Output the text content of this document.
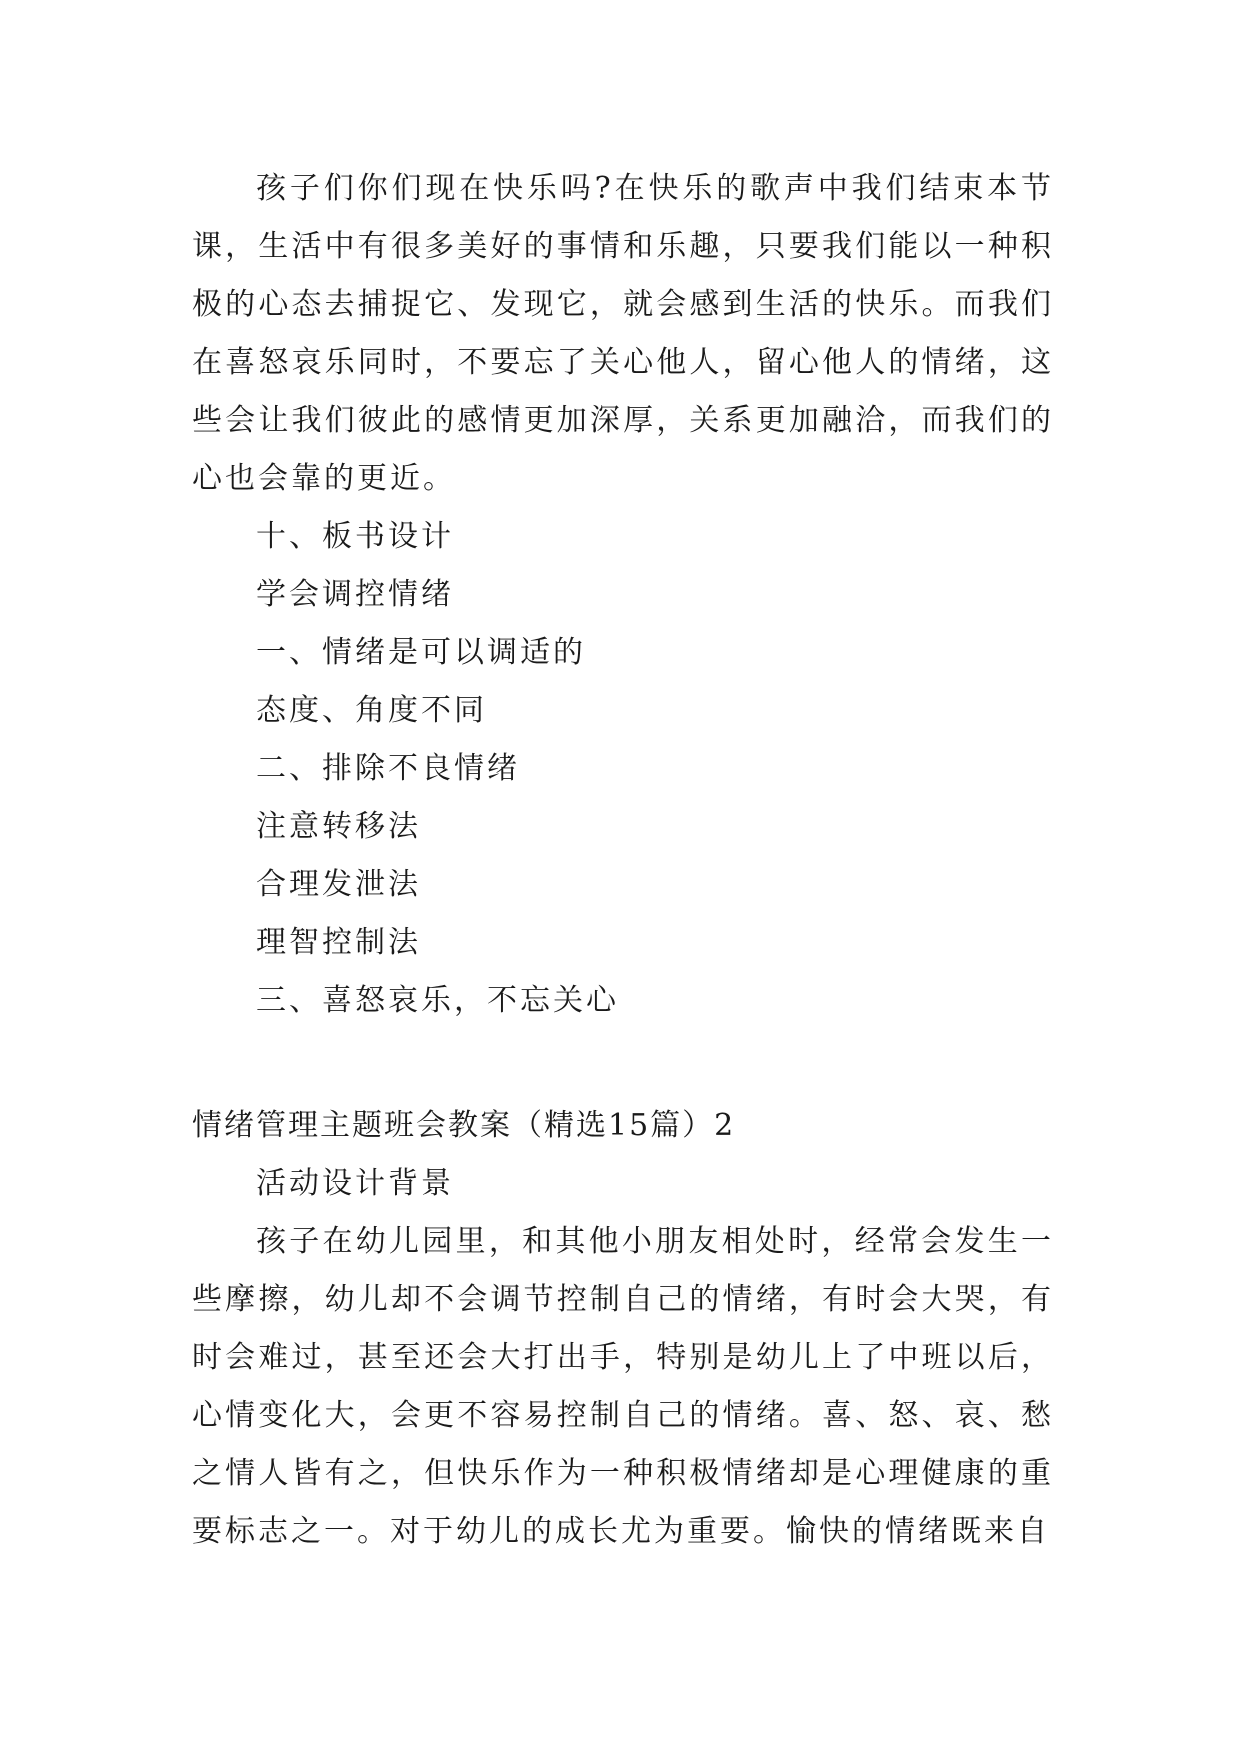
孩子们你们现在快乐吗?在快乐的歌声中我们结束本节课，生活中有很多美好的事情和乐趣，只要我们能以一种积极的心态去捕捉它、发现它，就会感到生活的快乐。而我们在喜怒哀乐同时，不要忘了关心他人，留心他人的情绪，这些会让我们彼此的感情更加深厚，关系更加融洽，而我们的心也会靠的更近。

十、板书设计

学会调控情绪

一、情绪是可以调适的

态度、角度不同

二、排除不良情绪

注意转移法

合理发泄法

理智控制法

三、喜怒哀乐，不忘关心

情绪管理主题班会教案（精选15篇）2

活动设计背景

孩子在幼儿园里，和其他小朋友相处时，经常会发生一些摩擦，幼儿却不会调节控制自己的情绪，有时会大哭，有时会难过，甚至还会大打出手，特别是幼儿上了中班以后，心情变化大，会更不容易控制自己的情绪。喜、怒、哀、愁之情人皆有之，但快乐作为一种积极情绪却是心理健康的重要标志之一。对于幼儿的成长尤为重要。愉快的情绪既来自
